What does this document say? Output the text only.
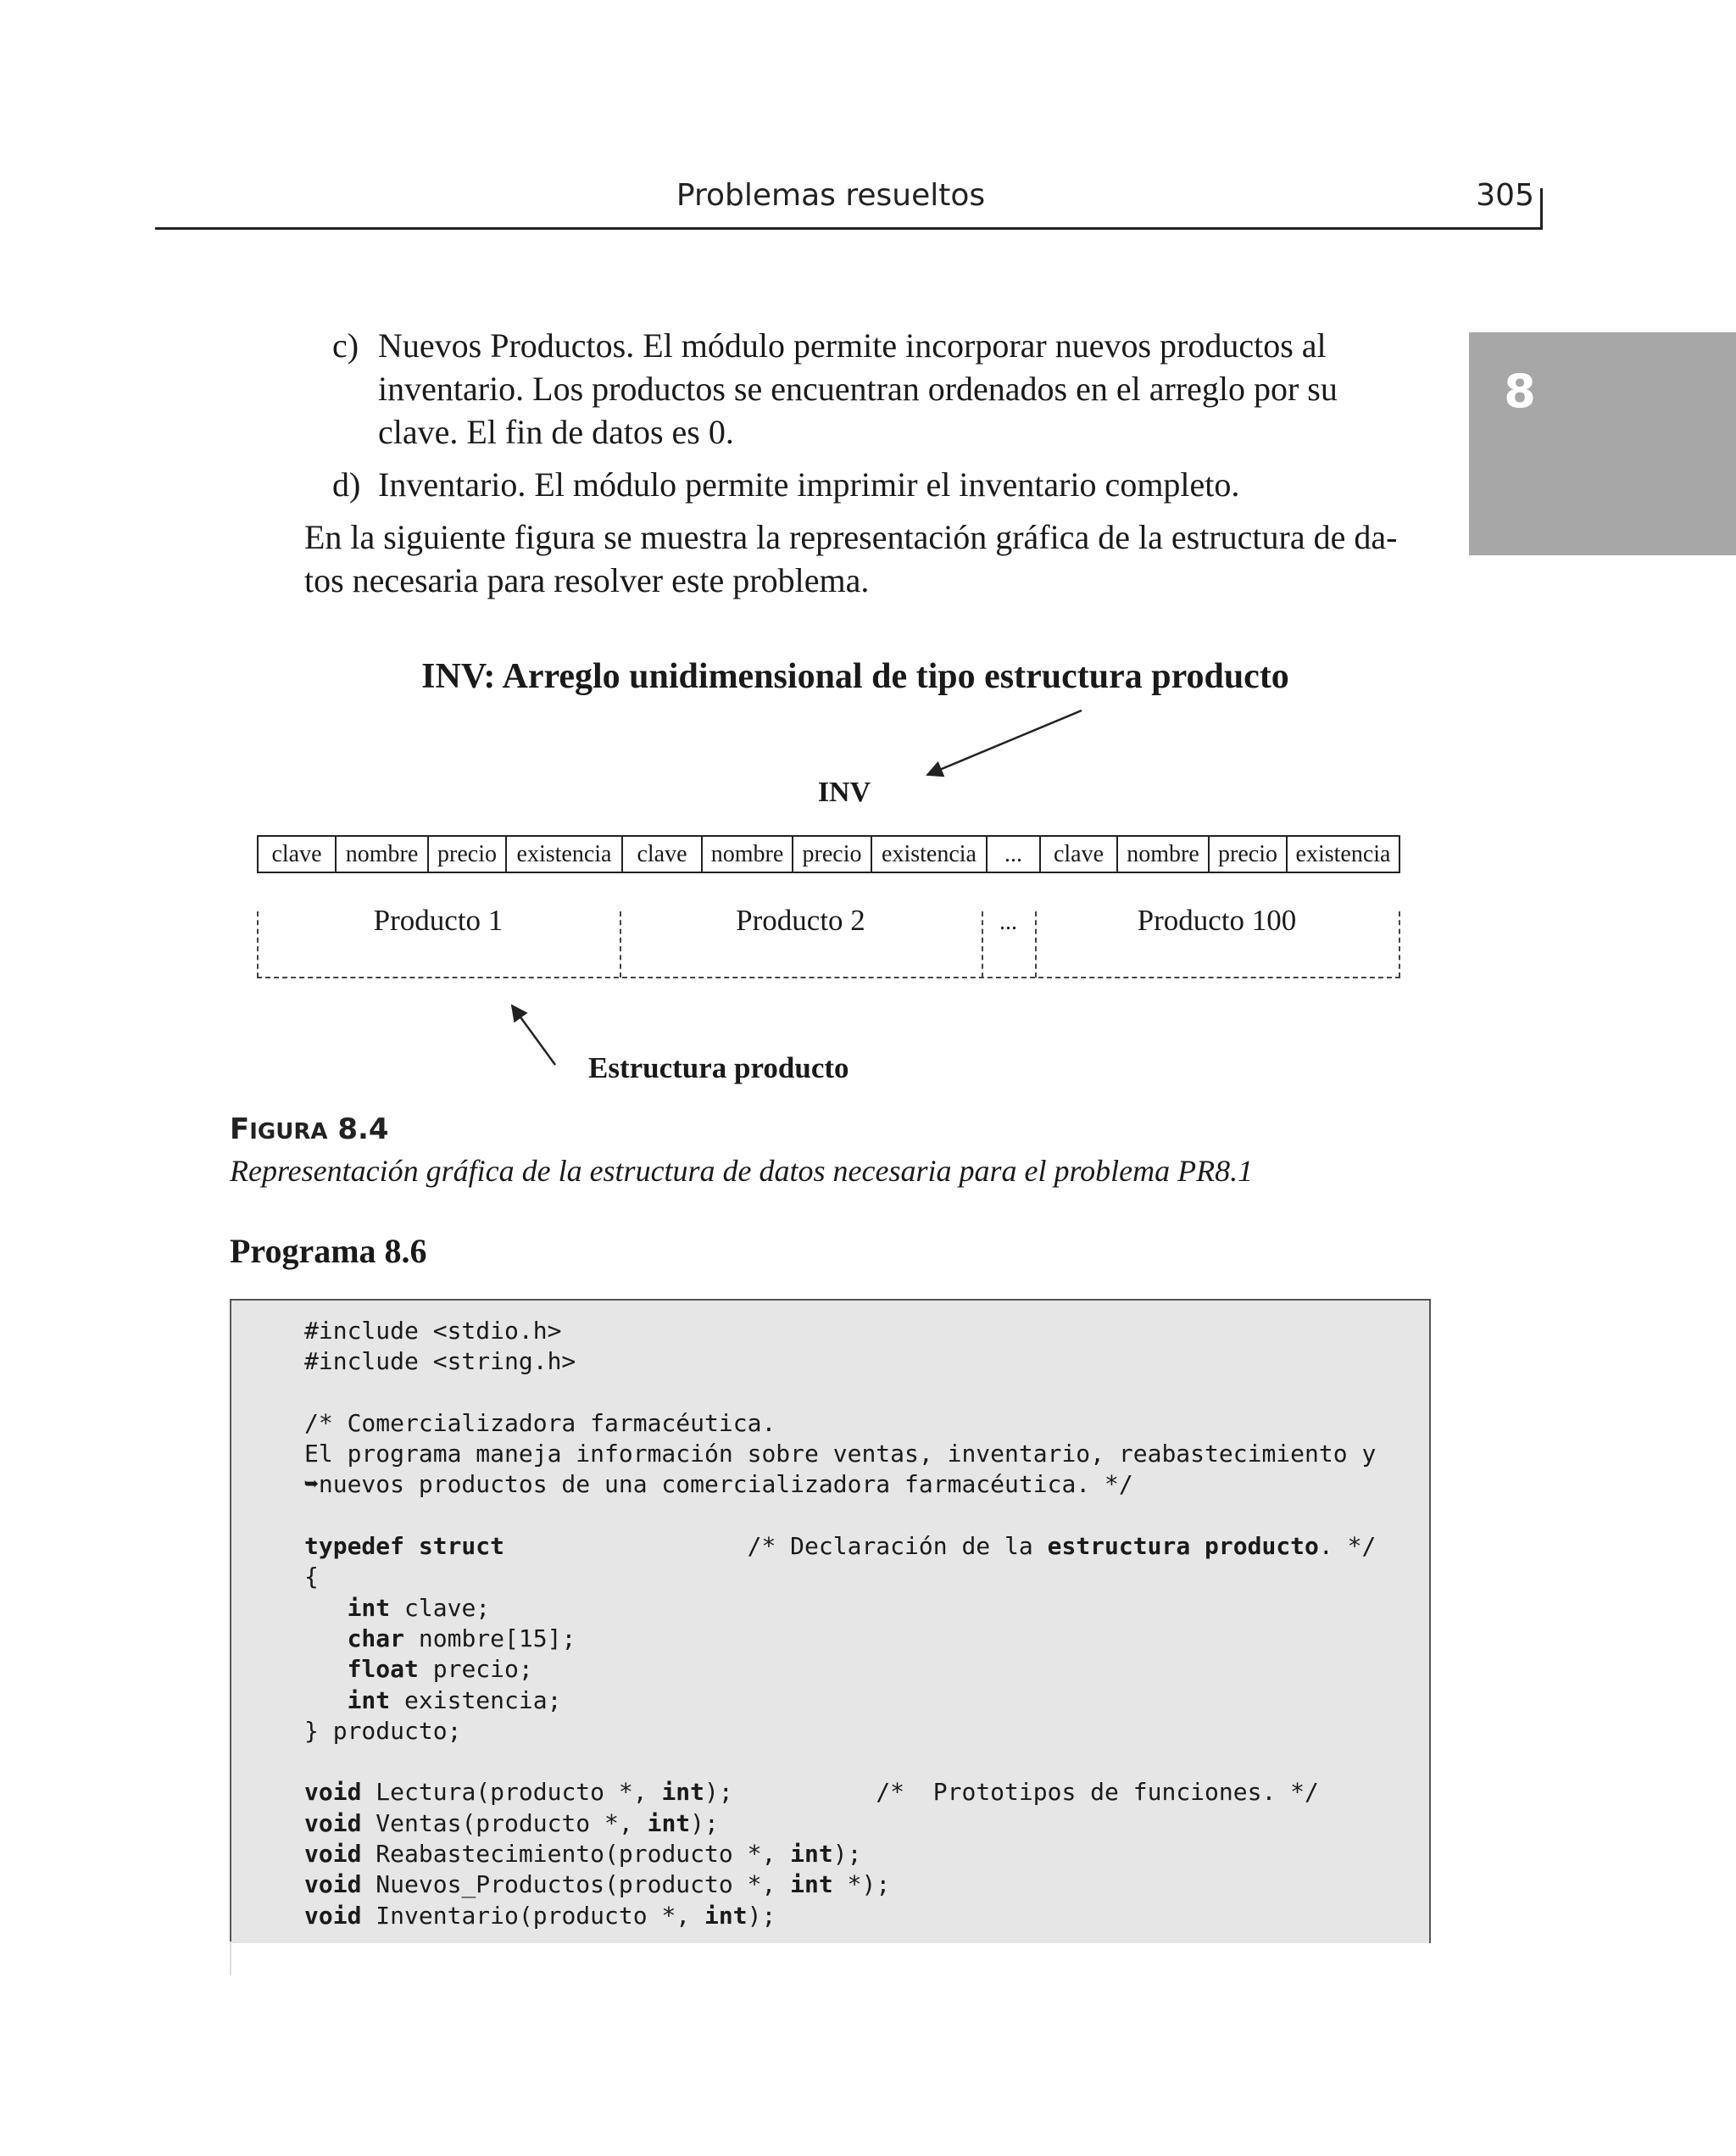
Problemas resueltos	305
8
c) Nuevos Productos. El módulo permite incorporar nuevos productos al
inventario. Los productos se encuentran ordenados en el arreglo por su
clave. El fin de datos es 0.
d) Inventario. El módulo permite imprimir el inventario completo.
En la siguiente figura se muestra la representación gráfica de la estructura de da-
tos necesaria para resolver este problema.
INV: Arreglo unidimensional de tipo estructura producto
INV
clave	nombre precio existencia	clave	nombre precio existencia	...	clave nombre precio existencia
Producto 1	Producto 2	...	Producto 100
Estructura producto
FIGURA 8.4
Representación gráfica de la estructura de datos necesaria para el problema PR8.1
Programa 8.6
#include <stdio.h>
#include <string.h>
/* Comercializadora farmacéutica.
El programa maneja información sobre ventas, inventario, reabastecimiento y
➥nuevos productos de una comercializadora farmacéutica. */
typedef struct                 /* Declaración de la estructura producto. */
{
int clave;
char nombre[15];
float precio;
int existencia;
} producto;
void Lectura(producto *, int);          /*  Prototipos de funciones. */
void Ventas(producto *, int);
void Reabastecimiento(producto *, int);
void Nuevos_Productos(producto *, int *);
void Inventario(producto *, int);
